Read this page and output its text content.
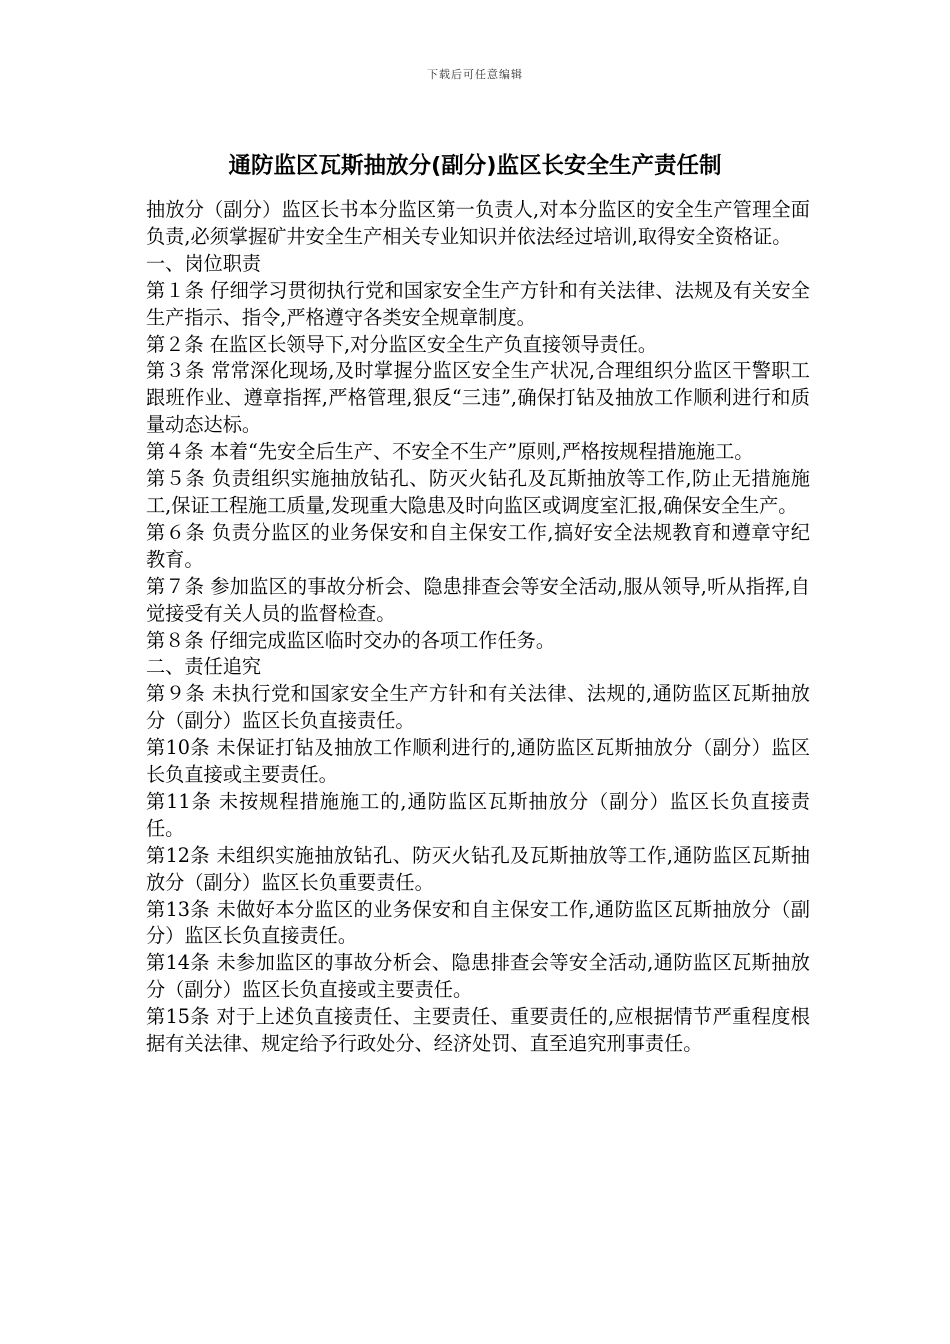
下载后可任意编辑
通防监区瓦斯抽放分(副分)监区长安全生产责任制

抽放分（副分）监区长书本分监区第一负责人,对本分监区的安全生产管理全面负责,必须掌握矿井安全生产相关专业知识并依法经过培训,取得安全资格证。

一、岗位职责

第１条 仔细学习贯彻执行党和国家安全生产方针和有关法律、法规及有关安全生产指示、指令,严格遵守各类安全规章制度。

第２条 在监区长领导下,对分监区安全生产负直接领导责任。

第３条 常常深化现场,及时掌握分监区安全生产状况,合理组织分监区干警职工跟班作业、遵章指挥,严格管理,狠反“三违”,确保打钻及抽放工作顺利进行和质量动态达标。

第４条 本着“先安全后生产、不安全不生产”原则,严格按规程措施施工。

第５条 负责组织实施抽放钻孔、防灭火钻孔及瓦斯抽放等工作,防止无措施施工,保证工程施工质量,发现重大隐患及时向监区或调度室汇报,确保安全生产。

第６条 负责分监区的业务保安和自主保安工作,搞好安全法规教育和遵章守纪教育。

第７条 参加监区的事故分析会、隐患排查会等安全活动,服从领导,听从指挥,自觉接受有关人员的监督检查。

第８条 仔细完成监区临时交办的各项工作任务。

二、责任追究

第９条 未执行党和国家安全生产方针和有关法律、法规的,通防监区瓦斯抽放分（副分）监区长负直接责任。

第10条 未保证打钻及抽放工作顺利进行的,通防监区瓦斯抽放分（副分）监区长负直接或主要责任。

第11条 未按规程措施施工的,通防监区瓦斯抽放分（副分）监区长负直接责任。

第12条 未组织实施抽放钻孔、防灭火钻孔及瓦斯抽放等工作,通防监区瓦斯抽放分（副分）监区长负重要责任。

第13条 未做好本分监区的业务保安和自主保安工作,通防监区瓦斯抽放分（副分）监区长负直接责任。

第14条 未参加监区的事故分析会、隐患排查会等安全活动,通防监区瓦斯抽放分（副分）监区长负直接或主要责任。

第15条 对于上述负直接责任、主要责任、重要责任的,应根据情节严重程度根据有关法律、规定给予行政处分、经济处罚、直至追究刑事责任。
